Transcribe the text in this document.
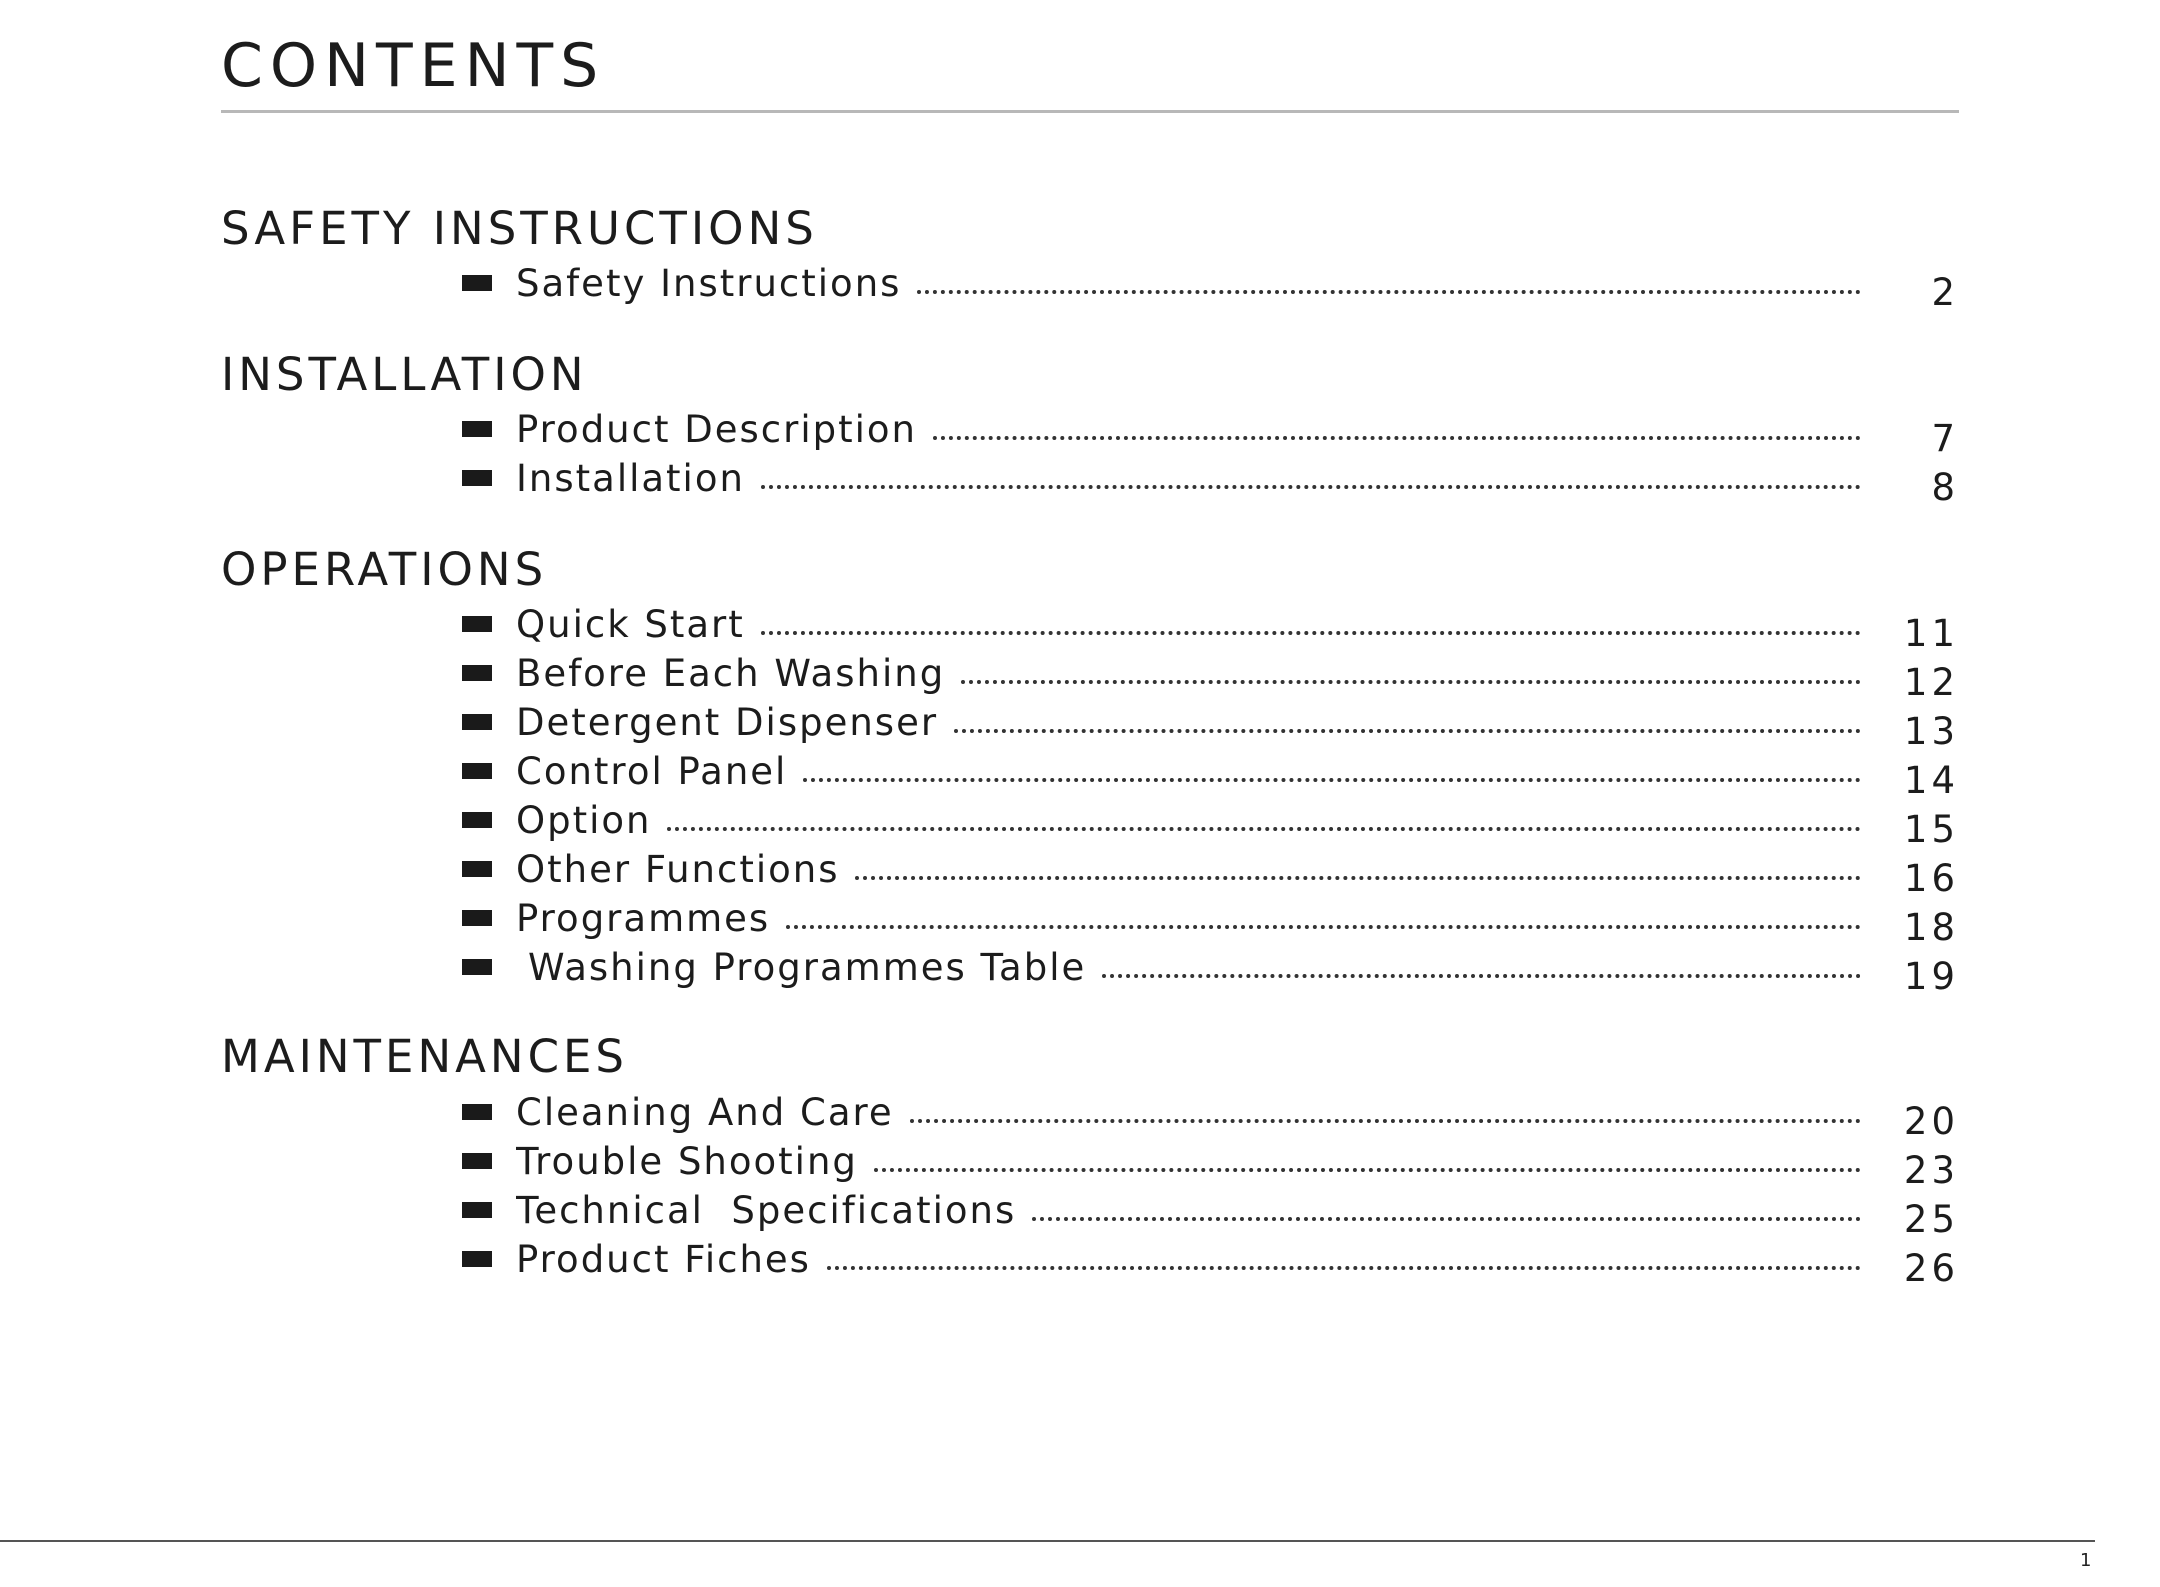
CONTENTS
SAFETY INSTRUCTIONS
Safety Instructions	2
INSTALLATION
Product Description	7
Installation	8
OPERATIONS
Quick Start	11
Before Each Washing	12
Detergent Dispenser	13
Control Panel	14
Option	15
Other Functions	16
Programmes	18
Washing Programmes Table	19
MAINTENANCES
Cleaning And Care	20
Trouble Shooting	23
Technical  Specifications	25
Product Fiches	26
1
